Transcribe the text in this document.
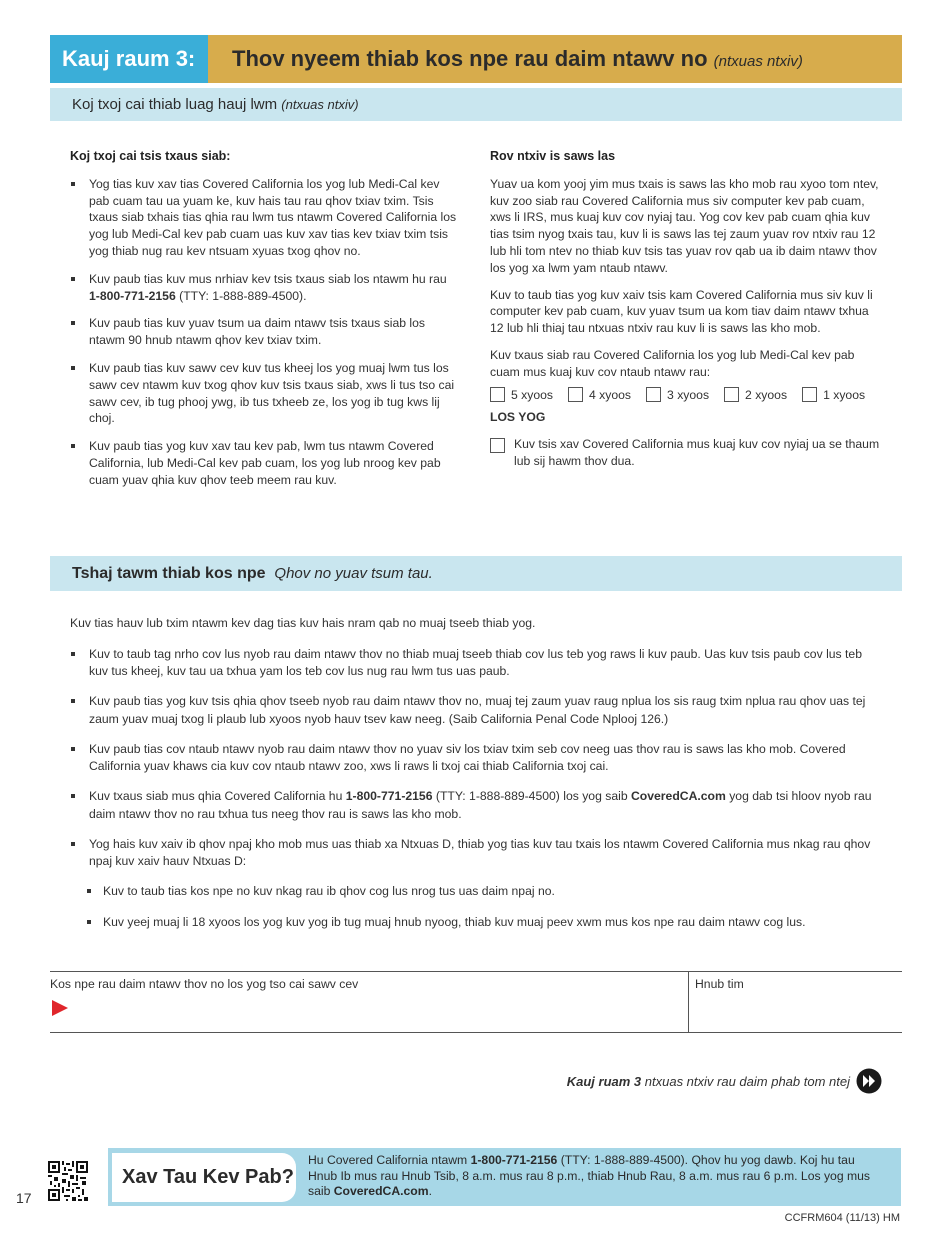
Kauj raum 3:	Thov nyeem thiab kos npe rau daim ntawv no (ntxuas ntxiv)
Koj txoj cai thiab luag hauj lwm (ntxuas ntxiv)
Koj txoj cai tsis txaus siab:
Yog tias kuv xav tias Covered California los yog lub Medi-Cal kev pab cuam tau ua yuam ke, kuv hais tau rau qhov txiav txim. Tsis txaus siab txhais tias qhia rau lwm tus ntawm Covered California los yog lub Medi-Cal kev pab cuam uas kuv xav tias kev txiav txim tsis yog thiab nug rau kev ntsuam xyuas txog qhov no.
Kuv paub tias kuv mus nrhiav kev tsis txaus siab los ntawm hu rau 1-800-771-2156 (TTY: 1-888-889-4500).
Kuv paub tias kuv yuav tsum ua daim ntawv tsis txaus siab los ntawm 90 hnub ntawm qhov kev txiav txim.
Kuv paub tias kuv sawv cev kuv tus kheej los yog muaj lwm tus los sawv cev ntawm kuv txog qhov kuv tsis txaus siab, xws li tus tso cai sawv cev, ib tug phooj ywg, ib tus txheeb ze, los yog ib tug kws lij choj.
Kuv paub tias yog kuv xav tau kev pab, lwm tus ntawm Covered California, lub Medi-Cal kev pab cuam, los yog lub nroog kev pab cuam yuav qhia kuv qhov teeb meem rau kuv.
Rov ntxiv is saws las

Yuav ua kom yooj yim mus txais is saws las kho mob rau xyoo tom ntev, kuv zoo siab rau Covered California mus siv computer kev pab cuam, xws li IRS, mus kuaj kuv cov nyiaj tau. Yog cov kev pab cuam qhia kuv tias tsim nyog txais tau, kuv li is saws las tej zaum yuav rov ntxiv rau 12 lub hli tom ntev no thiab kuv tsis tas yuav rov qab ua ib daim ntawv thov los yog xa lwm yam ntaub ntawv.

Kuv to taub tias yog kuv xaiv tsis kam Covered California mus siv kuv li computer kev pab cuam, kuv yuav tsum ua kom tiav daim ntawv txhua 12 lub hli thiaj tau ntxuas ntxiv rau kuv li is saws las kho mob.

Kuv txaus siab rau Covered California los yog lub Medi-Cal kev pab cuam mus kuaj kuv cov ntaub ntawv rau:

5 xyoos	4 xyoos	3 xyoos	2 xyoos	1 xyoos
LOS YOG
Kuv tsis xav Covered California mus kuaj kuv cov nyiaj ua se thaum lub sij hawm thov dua.
Tshaj tawm thiab kos npe Qhov no yuav tsum tau.

Kuv tias hauv lub txim ntawm kev dag tias kuv hais nram qab no muaj tseeb thiab yog.

Kuv to taub tag nrho cov lus nyob rau daim ntawv thov no thiab muaj tseeb thiab cov lus teb yog raws li kuv paub. Uas kuv tsis paub cov lus teb kuv tus kheej, kuv tau ua txhua yam los teb cov lus nug rau lwm tus uas paub.
Kuv paub tias yog kuv tsis qhia qhov tseeb nyob rau daim ntawv thov no, muaj tej zaum yuav raug nplua los sis raug txim nplua rau qhov uas tej zaum yuav muaj txog li plaub lub xyoos nyob hauv tsev kaw neeg. (Saib California Penal Code Nplooj 126.)
Kuv paub tias cov ntaub ntawv nyob rau daim ntawv thov no yuav siv los txiav txim seb cov neeg uas thov rau is saws las kho mob. Covered California yuav khaws cia kuv cov ntaub ntawv zoo, xws li raws li txoj cai thiab California txoj cai.
Kuv txaus siab mus qhia Covered California hu 1-800-771-2156 (TTY: 1-888-889-4500) los yog saib CoveredCA.com yog dab tsi hloov nyob rau daim ntawv thov no rau txhua tus neeg thov rau is saws las kho mob.
Yog hais kuv xaiv ib qhov npaj kho mob mus uas thiab xa Ntxuas D, thiab yog tias kuv tau txais los ntawm Covered California mus nkag rau qhov npaj kuv xaiv hauv Ntxuas D:
Kuv to taub tias kos npe no kuv nkag rau ib qhov cog lus nrog tus uas daim npaj no.
Kuv yeej muaj li 18 xyoos los yog kuv yog ib tug muaj hnub nyoog, thiab kuv muaj peev xwm mus kos npe rau daim ntawv cog lus.
Kos npe rau daim ntawv thov no los yog tso cai sawv cev	Hnub tim
Kauj ruam 3 ntxuas ntxiv rau daim phab tom ntej
Xav Tau Kev Pab?
Hu Covered California ntawm 1-800-771-2156 (TTY: 1-888-889-4500). Qhov hu yog dawb. Koj hu tau Hnub Ib mus rau Hnub Tsib, 8 a.m. mus rau 8 p.m., thiab Hnub Rau, 8 a.m. mus rau 6 p.m. Los yog mus saib CoveredCA.com.
17
CCFRM604 (11/13) HM
